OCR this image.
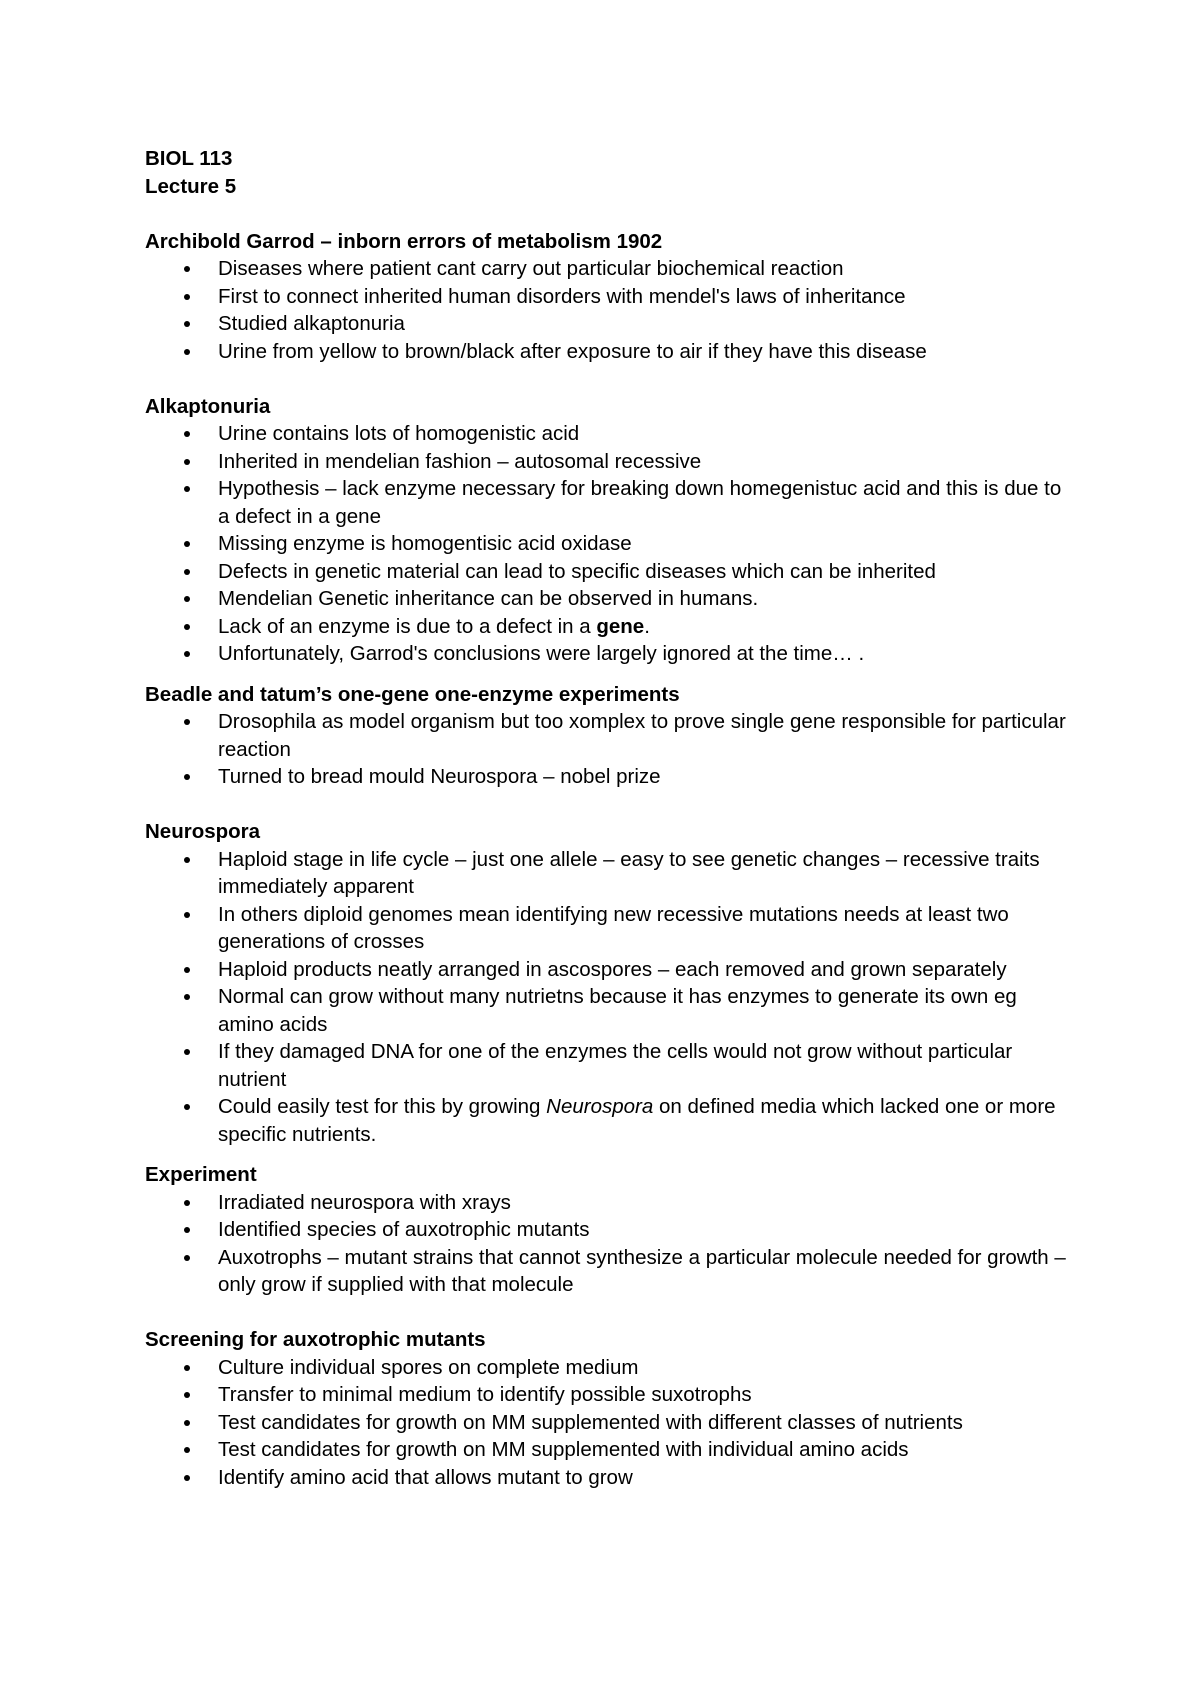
BIOL 113
Lecture 5
Archibold Garrod – inborn errors of metabolism 1902
Diseases where patient cant carry out particular biochemical reaction
First to connect inherited human disorders with mendel's laws of inheritance
Studied alkaptonuria
Urine from yellow to brown/black after exposure to air if they have this disease
Alkaptonuria
Urine contains lots of homogenistic acid
Inherited in mendelian fashion – autosomal recessive
Hypothesis – lack enzyme necessary for breaking down homegenistuc acid and this is due to a defect in a gene
Missing enzyme is homogentisic acid oxidase
Defects in genetic material can lead to specific diseases which can be inherited
Mendelian Genetic inheritance can be observed in humans.
Lack of an enzyme is due to a defect in a gene.
Unfortunately, Garrod's conclusions were largely ignored at the time… .
Beadle and tatum’s one-gene one-enzyme experiments
Drosophila as model organism but too xomplex to prove single gene responsible for particular reaction
Turned to bread mould Neurospora – nobel prize
Neurospora
Haploid stage in life cycle – just one allele – easy to see genetic changes – recessive traits immediately apparent
In others diploid genomes mean identifying new recessive mutations needs at least two generations of crosses
Haploid products neatly arranged in ascospores – each removed and grown separately
Normal can grow without many nutrietns because it has enzymes to generate its own eg amino acids
If they damaged DNA for one of the enzymes the cells would not grow without particular nutrient
Could easily test for this by growing Neurospora on defined media which lacked one or more specific nutrients.
Experiment
Irradiated neurospora with xrays
Identified species of auxotrophic mutants
Auxotrophs – mutant strains that cannot synthesize a particular molecule needed for growth – only grow if supplied with that molecule
Screening for auxotrophic mutants
Culture individual spores on complete medium
Transfer to minimal medium to identify possible suxotrophs
Test candidates for growth on MM supplemented with different classes of nutrients
Test candidates for growth on MM supplemented with individual amino acids
Identify amino acid that allows mutant to grow
